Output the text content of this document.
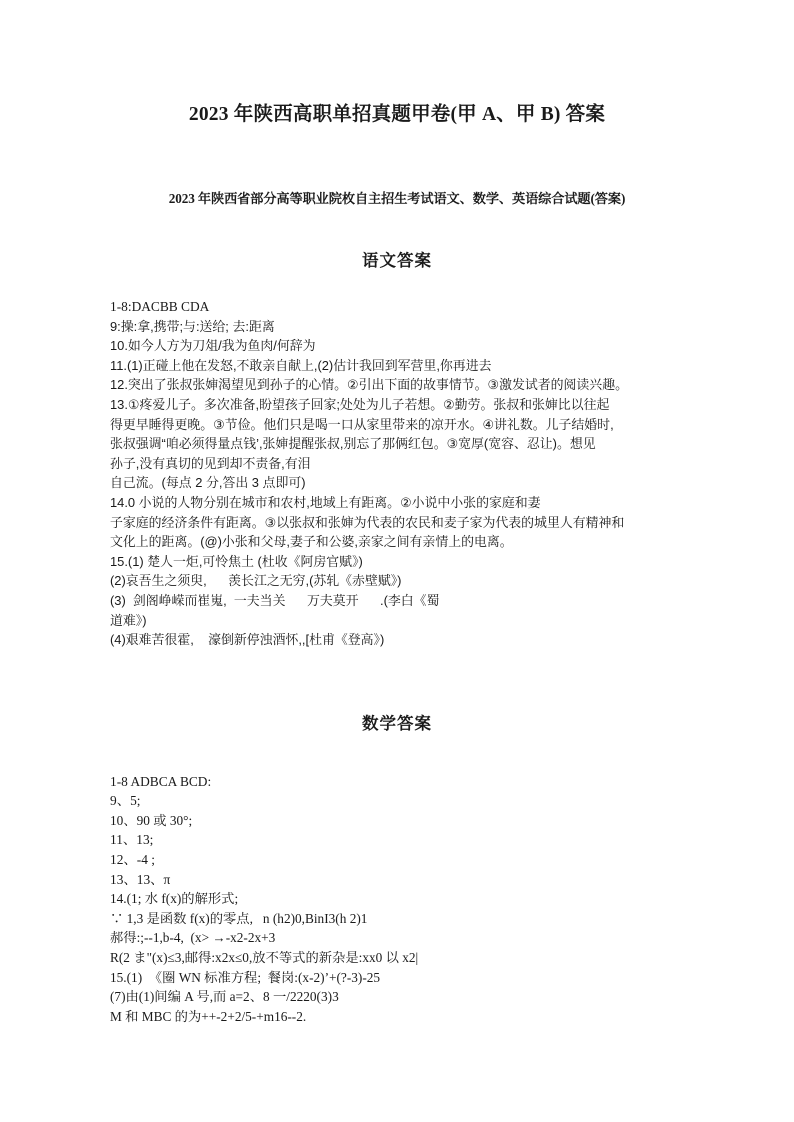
2023 年陕西高职单招真题甲卷(甲 A、甲 B) 答案
2023 年陕西省部分高等职业院枚自主招生考试语文、数学、英语综合试题(答案)
语文答案
1-8:DACBB CDA
9:操:拿,携带;与:送给; 去:距离
10.如今人方为刀俎/我为鱼肉/何辞为
11.(1)正碰上他在发怒,不敢亲自献上,(2)估计我回到军营里,你再进去
12.突出了张叔张婶渴望见到孙子的心情。②引出下面的故事情节。③激发试者的阅读兴趣。
13.①疼爱儿子。多次准备,盼望孩子回家;处处为儿子若想。②勤劳。张叔和张婶比以往起
得更早睡得更晚。③节俭。他们只是喝一口从家里带来的凉开水。④讲礼数。儿子结婚时,
张叔强调“咱必须得量点钱’,张婶提醒张叔,别忘了那俩红包。③宽厚(宽容、忍让)。想见
孙子,没有真切的见到却不责备,有泪
自己流。(每点 2 分,答出 3 点即可)
14.0 小说的人物分别在城市和农村,地域上有距离。②小说中小张的家庭和妻
子家庭的经济条件有距离。③以张叔和张婶为代表的农民和麦子家为代表的城里人有精神和
文化上的距离。(@)小张和父母,妻子和公婆,亲家之间有亲情上的电离。
15.(1) 楚人一炬,可怜焦土 (杜收《阿房官赋》)
(2)哀吾生之须臾,      羡长江之无穷,(苏轧《赤壁赋》)
(3)  剑阁峥嵘而崔嵬,  一夫当关      万夫莫开      .(李白《蜀
道难》)
(4)艰难苦很霍,    濠倒新停浊酒怀,,[杜甫《登高》)
数学答案
1-8 ADBCA BCD:
9、5;
10、90 或 30°;
11、13;
12、-4 ;
13、13、π
14.(1; 水 f(x)的解形式;
∵ 1,3 是函数 f(x)的零点,   n (h2)0,BinI3(h 2)1
郝得:;--1,b-4,  (x> →-x2-2x+3
R(2 ま"(x)≤3,邮得:x2x≤0,放不等式的新杂是:xx0 以 x2|
15.(1)  《圈 WN 标准方程;  餐岗:(x-2)’+(?-3)-25
(7)由(1)间编 A 号,而 a=2、8 一/2220(3)3
M 和 MBC 的为++-2+2/5-+m16--2.
